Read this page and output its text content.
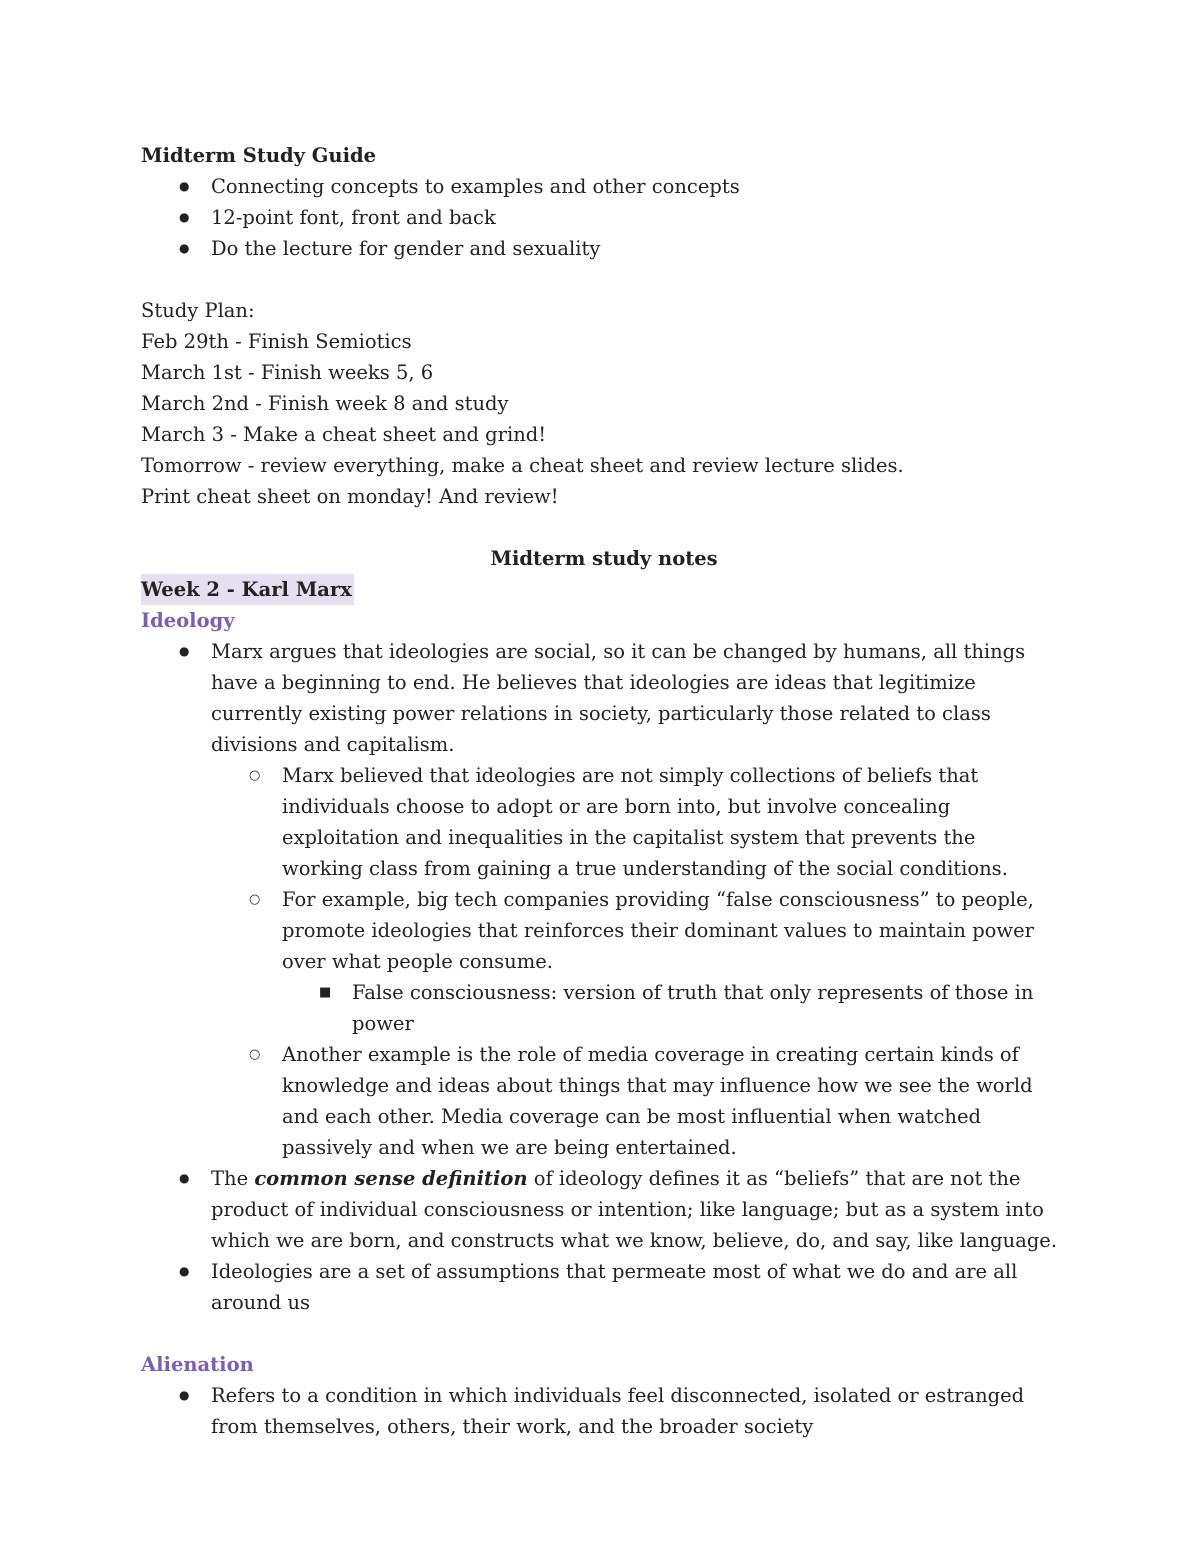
Midterm Study Guide

● Connecting concepts to examples and other concepts
● 12-point font, front and back
● Do the lecture for gender and sexuality

Study Plan:

Feb 29th - Finish Semiotics

March 1st - Finish weeks 5, 6

March 2nd - Finish week 8 and study

March 3 - Make a cheat sheet and grind!

Tomorrow - review everything, make a cheat sheet and review lecture slides.

Print cheat sheet on monday! And review!

Midterm study notes

Week 2 - Karl Marx

Ideology

● Marx argues that ideologies are social, so it can be changed by humans, all things have a beginning to end. He believes that ideologies are ideas that legitimize currently existing power relations in society, particularly those related to class divisions and capitalism.
○ Marx believed that ideologies are not simply collections of beliefs that individuals choose to adopt or are born into, but involve concealing exploitation and inequalities in the capitalist system that prevents the working class from gaining a true understanding of the social conditions.
○ For example, big tech companies providing “false consciousness” to people, promote ideologies that reinforces their dominant values to maintain power over what people consume.
■ False consciousness: version of truth that only represents of those in power
○ Another example is the role of media coverage in creating certain kinds of knowledge and ideas about things that may influence how we see the world and each other. Media coverage can be most influential when watched passively and when we are being entertained.
● The common sense definition of ideology defines it as “beliefs” that are not the product of individual consciousness or intention; like language; but as a system into which we are born, and constructs what we know, believe, do, and say, like language.
● Ideologies are a set of assumptions that permeate most of what we do and are all around us

Alienation

● Refers to a condition in which individuals feel disconnected, isolated or estranged from themselves, others, their work, and the broader society
